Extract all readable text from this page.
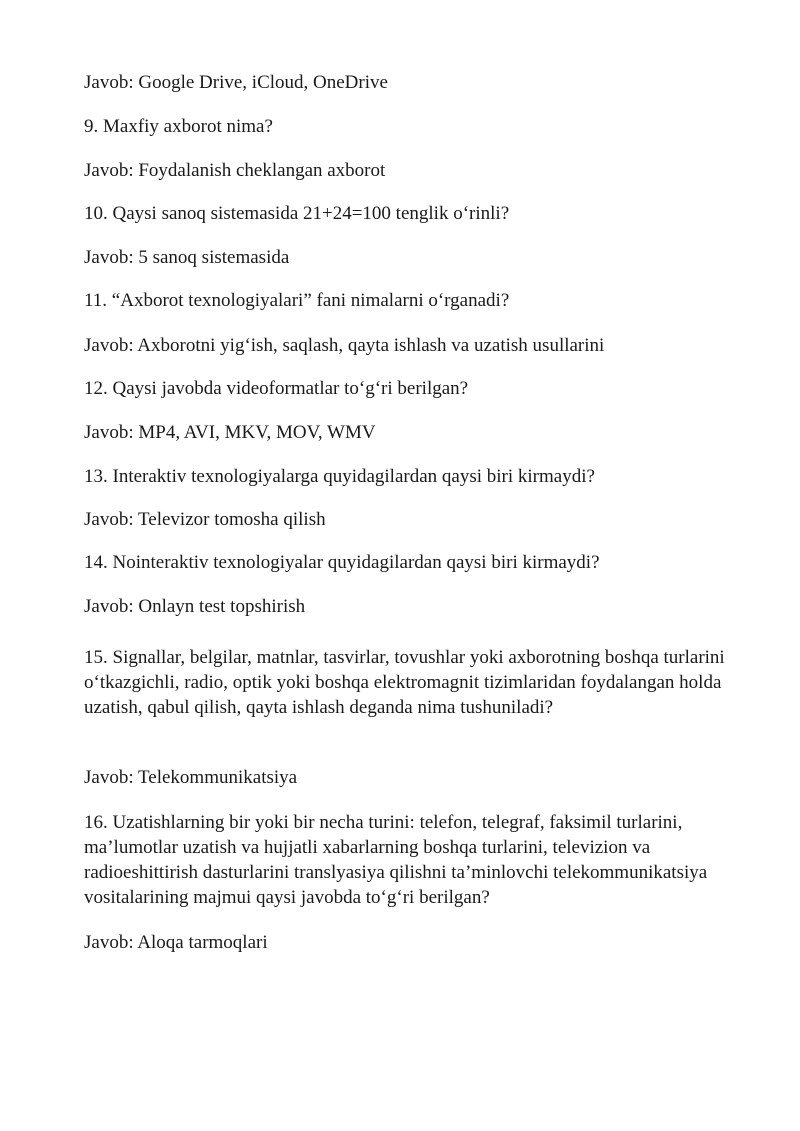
Javob: Google Drive, iCloud, OneDrive
9. Maxfiy axborot nima?
Javob: Foydalanish cheklangan axborot
10. Qaysi sanoq sistemasida 21+24=100 tenglik o‘rinli?
Javob: 5 sanoq sistemasida
11. “Axborot texnologiyalari” fani nimalarni o‘rganadi?
Javob: Axborotni yig‘ish, saqlash, qayta ishlash va uzatish usullarini
12. Qaysi javobda videoformatlar to‘g‘ri berilgan?
Javob: MP4, AVI, MKV, MOV, WMV
13. Interaktiv texnologiyalarga quyidagilardan qaysi biri kirmaydi?
Javob: Televizor tomosha qilish
14. Nointeraktiv texnologiyalar quyidagilardan qaysi biri kirmaydi?
Javob: Onlayn test topshirish
15. Signallar, belgilar, matnlar, tasvirlar, tovushlar yoki axborotning boshqa turlarini o‘tkazgichli, radio, optik yoki boshqa elektromagnit tizimlaridan foydalangan holda uzatish, qabul qilish, qayta ishlash deganda nima tushuniladi?
Javob: Telekommunikatsiya
16. Uzatishlarning bir yoki bir necha turini: telefon, telegraf, faksimil turlarini, ma’lumotlar uzatish va hujjatli xabarlarning boshqa turlarini, televizion va radioeshittirish dasturlarini translyasiya qilishni ta’minlovchi telekommunikatsiya vositalarining majmui qaysi javobda to‘g‘ri berilgan?
Javob: Aloqa tarmoqlari
